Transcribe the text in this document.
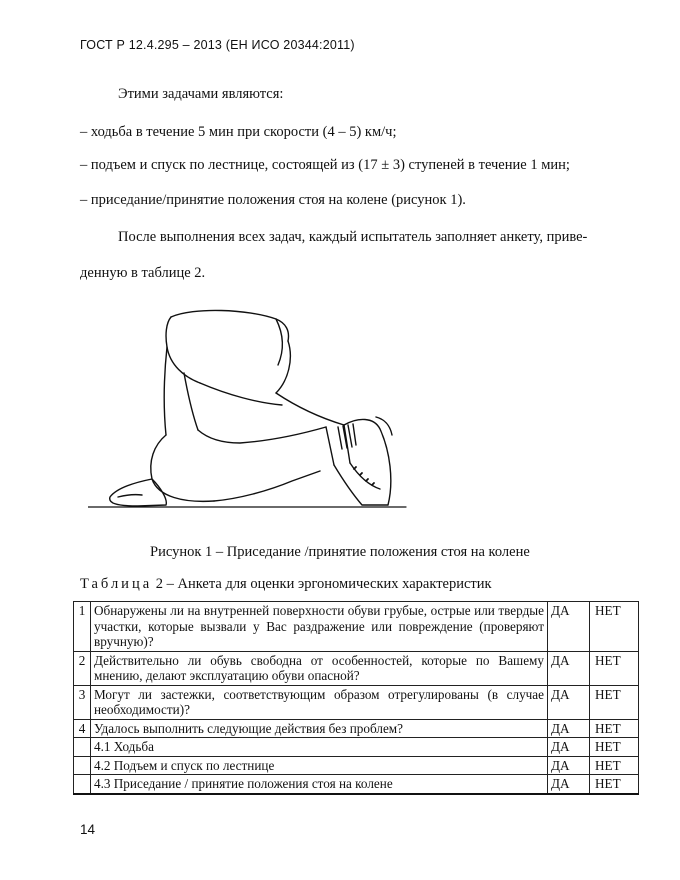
ГОСТ Р 12.4.295 – 2013 (ЕН ИСО 20344:2011)
Этими задачами являются:
– ходьба в течение 5 мин при скорости (4 – 5) км/ч;
– подъем и спуск по лестнице, состоящей из (17 ± 3) ступеней в течение 1 мин;
– приседание/принятие положения стоя на колене (рисунок 1).
После выполнения всех задач, каждый испытатель заполняет анкету, приве-
денную в таблице 2.
Рисунок 1 – Приседание /принятие положения стоя на колене
Таблица 2 – Анкета для оценки эргономических характеристик
1	Обнаружены ли на внутренней поверхности обуви грубые, острые или твердые участки, которые вызвали у Вас раздражение или повреждение (проверяют вручную)?	ДА	НЕТ
2	Действительно ли обувь свободна от особенностей, которые по Вашему мнению, делают эксплуатацию обуви опасной?	ДА	НЕТ
3	Могут ли застежки, соответствующим образом отрегулированы (в случае необходимости)?	ДА	НЕТ
4	Удалось выполнить следующие действия без проблем?	ДА	НЕТ
	4.1 Ходьба	ДА	НЕТ
	4.2 Подъем и спуск по лестнице	ДА	НЕТ
	4.3 Приседание / принятие положения стоя на колене	ДА	НЕТ
14
